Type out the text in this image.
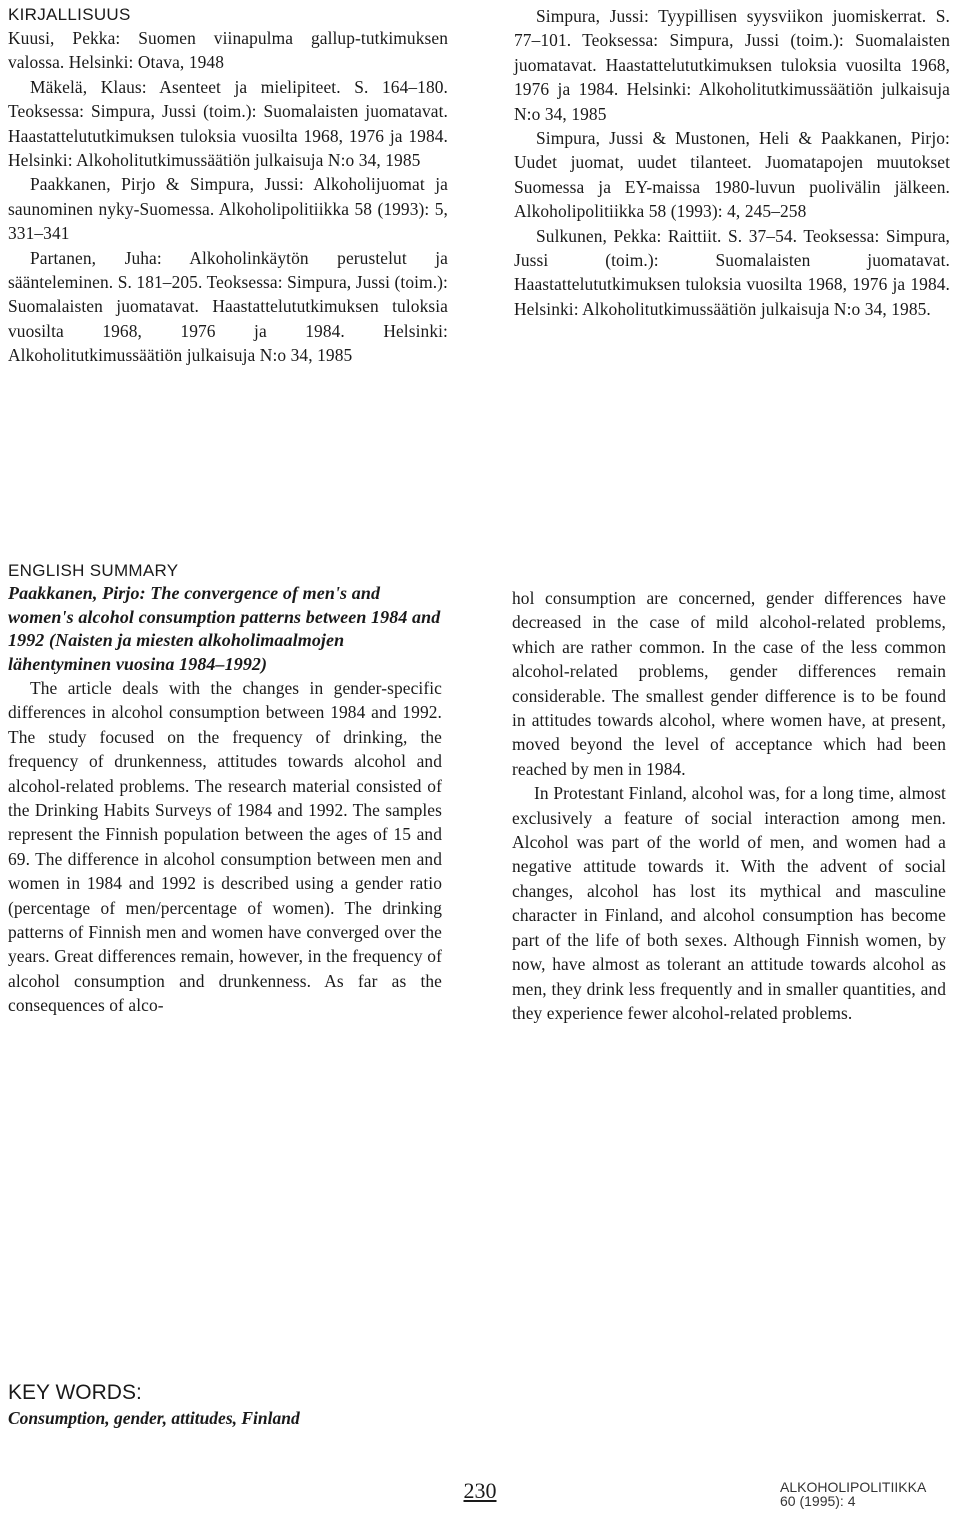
KIRJALLISUUS

Kuusi, Pekka: Suomen viinapulma gallup-tutkimuksen valossa. Helsinki: Otava, 1948

Mäkelä, Klaus: Asenteet ja mielipiteet. S. 164–180. Teoksessa: Simpura, Jussi (toim.): Suomalaisten juomatavat. Haastattelututkimuksen tuloksia vuosilta 1968, 1976 ja 1984. Helsinki: Alkoholitutkimussäätiön julkaisuja N:o 34, 1985

Paakkanen, Pirjo & Simpura, Jussi: Alkoholijuomat ja saunominen nyky-Suomessa. Alkoholipolitiikka 58 (1993): 5, 331–341

Partanen, Juha: Alkoholinkäytön perustelut ja säänteleminen. S. 181–205. Teoksessa: Simpura, Jussi (toim.): Suomalaisten juomatavat. Haastattelututkimuksen tuloksia vuosilta 1968, 1976 ja 1984. Helsinki: Alkoholitutkimussäätiön julkaisuja N:o 34, 1985

Simpura, Jussi: Tyypillisen syysviikon juomiskerrat. S. 77–101. Teoksessa: Simpura, Jussi (toim.): Suomalaisten juomatavat. Haastattelututkimuksen tuloksia vuosilta 1968, 1976 ja 1984. Helsinki: Alkoholitutkimussäätiön julkaisuja N:o 34, 1985

Simpura, Jussi & Mustonen, Heli & Paakkanen, Pirjo: Uudet juomat, uudet tilanteet. Juomatapojen muutokset Suomessa ja EY-maissa 1980-luvun puolivälin jälkeen. Alkoholipolitiikka 58 (1993): 4, 245–258

Sulkunen, Pekka: Raittiit. S. 37–54. Teoksessa: Simpura, Jussi (toim.): Suomalaisten juomatavat. Haastattelututkimuksen tuloksia vuosilta 1968, 1976 ja 1984. Helsinki: Alkoholitutkimussäätiön julkaisuja N:o 34, 1985.

ENGLISH SUMMARY

Paakkanen, Pirjo: The convergence of men's and women's alcohol consumption patterns between 1984 and 1992 (Naisten ja miesten alkoholimaalmojen lähentyminen vuosina 1984–1992)

The article deals with the changes in gender-specific differences in alcohol consumption between 1984 and 1992. The study focused on the frequency of drinking, the frequency of drunkenness, attitudes towards alcohol and alcohol-related problems. The research material consisted of the Drinking Habits Surveys of 1984 and 1992. The samples represent the Finnish population between the ages of 15 and 69. The difference in alcohol consumption between men and women in 1984 and 1992 is described using a gender ratio (percentage of men/percentage of women). The drinking patterns of Finnish men and women have converged over the years. Great differences remain, however, in the frequency of alcohol consumption and drunkenness. As far as the consequences of alco-

hol consumption are concerned, gender differences have decreased in the case of mild alcohol-related problems, which are rather common. In the case of the less common alcohol-related problems, gender differences remain considerable. The smallest gender difference is to be found in attitudes towards alcohol, where women have, at present, moved beyond the level of acceptance which had been reached by men in 1984.

In Protestant Finland, alcohol was, for a long time, almost exclusively a feature of social interaction among men. Alcohol was part of the world of men, and women had a negative attitude towards it. With the advent of social changes, alcohol has lost its mythical and masculine character in Finland, and alcohol consumption has become part of the life of both sexes. Although Finnish women, by now, have almost as tolerant an attitude towards alcohol as men, they drink less frequently and in smaller quantities, and they experience fewer alcohol-related problems.

KEY WORDS:
Consumption, gender, attitudes, Finland
230	ALKOHOLIPOLITIIKKA
60 (1995): 4
